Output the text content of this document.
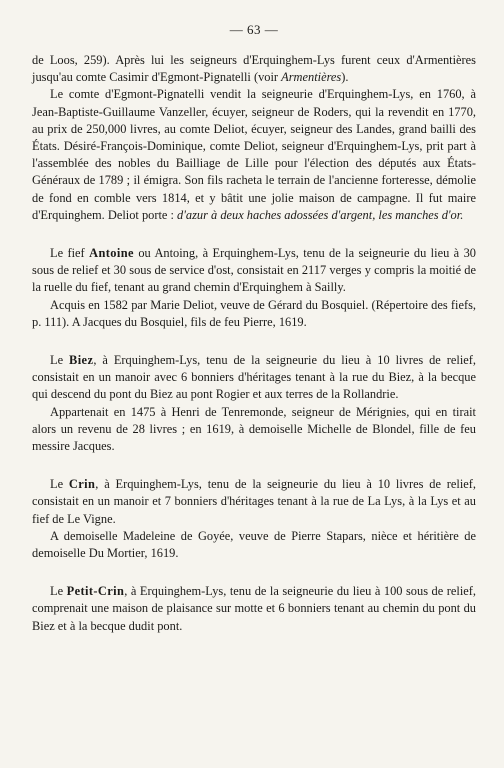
— 63 —

de Loos, 259). Après lui les seigneurs d'Erquinghem-Lys furent ceux d'Armentières jusqu'au comte Casimir d'Egmont-Pignatelli (voir Armentières).

Le comte d'Egmont-Pignatelli vendit la seigneurie d'Erquinghem-Lys, en 1760, à Jean-Baptiste-Guillaume Vanzeller, écuyer, seigneur de Roders, qui la revendit en 1770, au prix de 250,000 livres, au comte Deliot, écuyer, seigneur des Landes, grand bailli des États. Désiré-François-Dominique, comte Deliot, seigneur d'Erquinghem-Lys, prit part à l'assemblée des nobles du Bailliage de Lille pour l'élection des députés aux États-Généraux de 1789 ; il émigra. Son fils racheta le terrain de l'ancienne forteresse, démolie de fond en comble vers 1814, et y bâtit une jolie maison de campagne. Il fut maire d'Erquinghem. Deliot porte : d'azur à deux haches adossées d'argent, les manches d'or.

Le fief Antoine ou Antoing, à Erquinghem-Lys, tenu de la seigneurie du lieu à 30 sous de relief et 30 sous de service d'ost, consistait en 2117 verges y compris la moitié de la ruelle du fief, tenant au grand chemin d'Erquinghem à Sailly.

Acquis en 1582 par Marie Deliot, veuve de Gérard du Bosquiel. (Répertoire des fiefs, p. 111). A Jacques du Bosquiel, fils de feu Pierre, 1619.

Le Biez, à Erquinghem-Lys, tenu de la seigneurie du lieu à 10 livres de relief, consistait en un manoir avec 6 bonniers d'héritages tenant à la rue du Biez, à la becque qui descend du pont du Biez au pont Rogier et aux terres de la Rollandrie.

Appartenait en 1475 à Henri de Tenremonde, seigneur de Mérignies, qui en tirait alors un revenu de 28 livres ; en 1619, à demoiselle Michelle de Blondel, fille de feu messire Jacques.

Le Crin, à Erquinghem-Lys, tenu de la seigneurie du lieu à 10 livres de relief, consistait en un manoir et 7 bonniers d'héritages tenant à la rue de La Lys, à la Lys et au fief de Le Vigne.

A demoiselle Madeleine de Goyée, veuve de Pierre Stapars, nièce et héritière de demoiselle Du Mortier, 1619.

Le Petit-Crin, à Erquinghem-Lys, tenu de la seigneurie du lieu à 100 sous de relief, comprenait une maison de plaisance sur motte et 6 bonniers tenant au chemin du pont du Biez et à la becque dudit pont.
